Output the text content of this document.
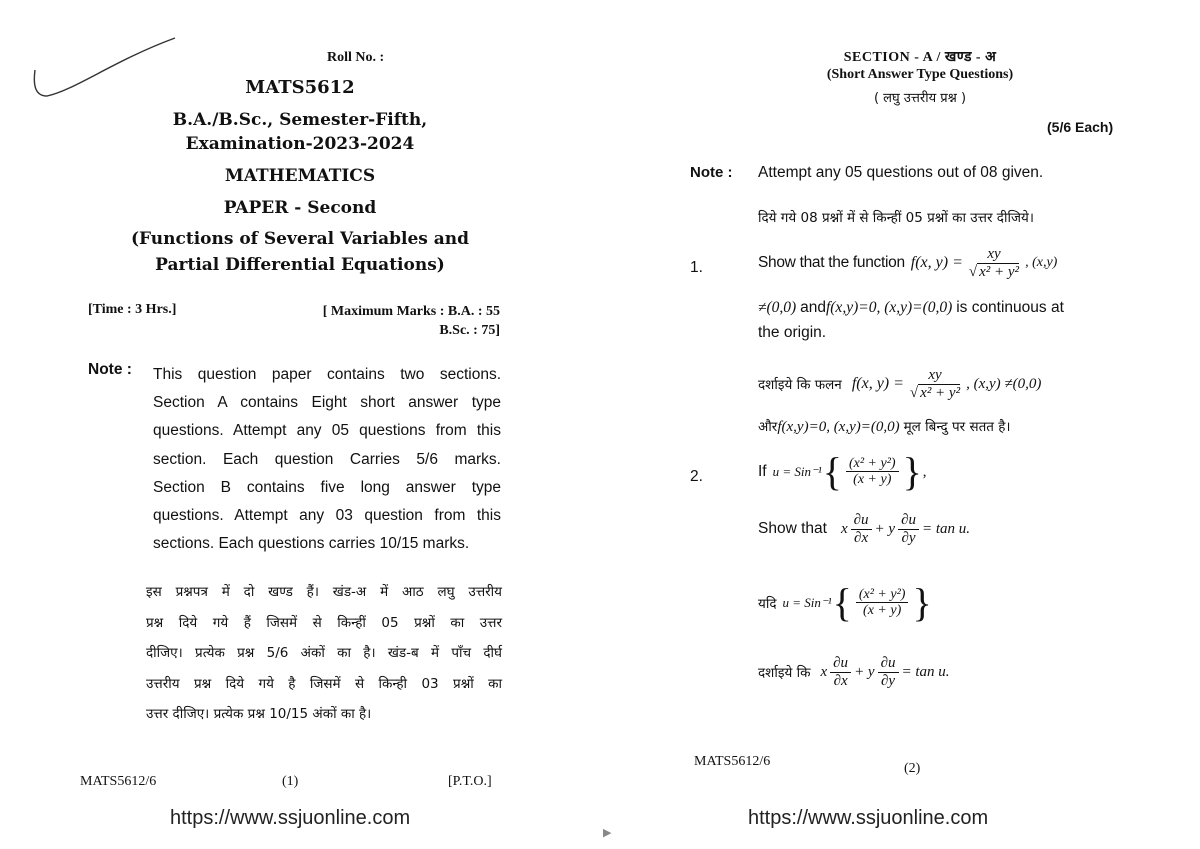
Roll No. :
MATS5612
B.A./B.Sc., Semester-Fifth,
Examination-2023-2024
MATHEMATICS
PAPER - Second
(Functions of Several Variables and
Partial Differential Equations)
[Time : 3 Hrs.]	[ Maximum Marks : B.A. : 55
B.Sc. : 75]
Note : This question paper contains two sections.

Section A contains Eight short answer type

questions. Attempt any 05 questions from this

section. Each question Carries 5/6 marks.

Section B contains five long answer type

questions. Attempt any 03 question from this

sections. Each questions carries 10/15 marks.

इस प्रश्नपत्र में दो खण्ड हैं। खंड-अ में आठ लघु उत्तरीय

प्रश्न दिये गये हैं जिसमें से किन्हीं 05 प्रश्नों का उत्तर

दीजिए। प्रत्येक प्रश्न 5/6 अंकों का है। खंड-ब में पाँच दीर्घ

उत्तरीय प्रश्न दिये गये है जिसमें से किन्ही 03 प्रश्नों का

उत्तर दीजिए। प्रत्येक प्रश्न 10/15 अंकों का है।

MATS5612/6	(1)	[P.T.O.]
https://www.ssjuonline.com
▶
SECTION - A / खण्ड - अ
(Short Answer Type Questions)
( लघु उत्तरीय प्रश्न )
(5/6 Each)
Note : Attempt any 05 questions out of 08 given.
दिये गये 08 प्रश्नों में से किन्हीं 05 प्रश्नों का उत्तर दीजिये।
1.	Show that the function f(x, $y) = \frac{xy}{\text{√ x² + y²}}$ , (x,y)
≠(0,0) andf(x,y)=0, (x,y)=(0,0) is continuous at
the origin.
दर्शाइये कि फलन f(x, $y) = \frac{xy}{\text{√ x² + y²}}$ , (x,y) ≠(0,0)
औरf(x,y)=0, (x,y)=(0,0) मूल बिन्दु पर सतत है।
2.	If u = Sin⁻¹ { $\frac{\text{(x² + y²)}}{(x + y)}$ } ,
Show that x $\frac{\partial u}{\partial x} + y \frac{\partial u}{\partial y} = \tan u$.
यदि u = Sin⁻¹ { $\frac{\text{(x² + y²)}}{(x + y)}$ }
दर्शाइये कि x $\frac{\partial u}{\partial x} + y \frac{\partial u}{\partial y} = \tan u$.
MATS5612/6	(2)
https://www.ssjuonline.com
